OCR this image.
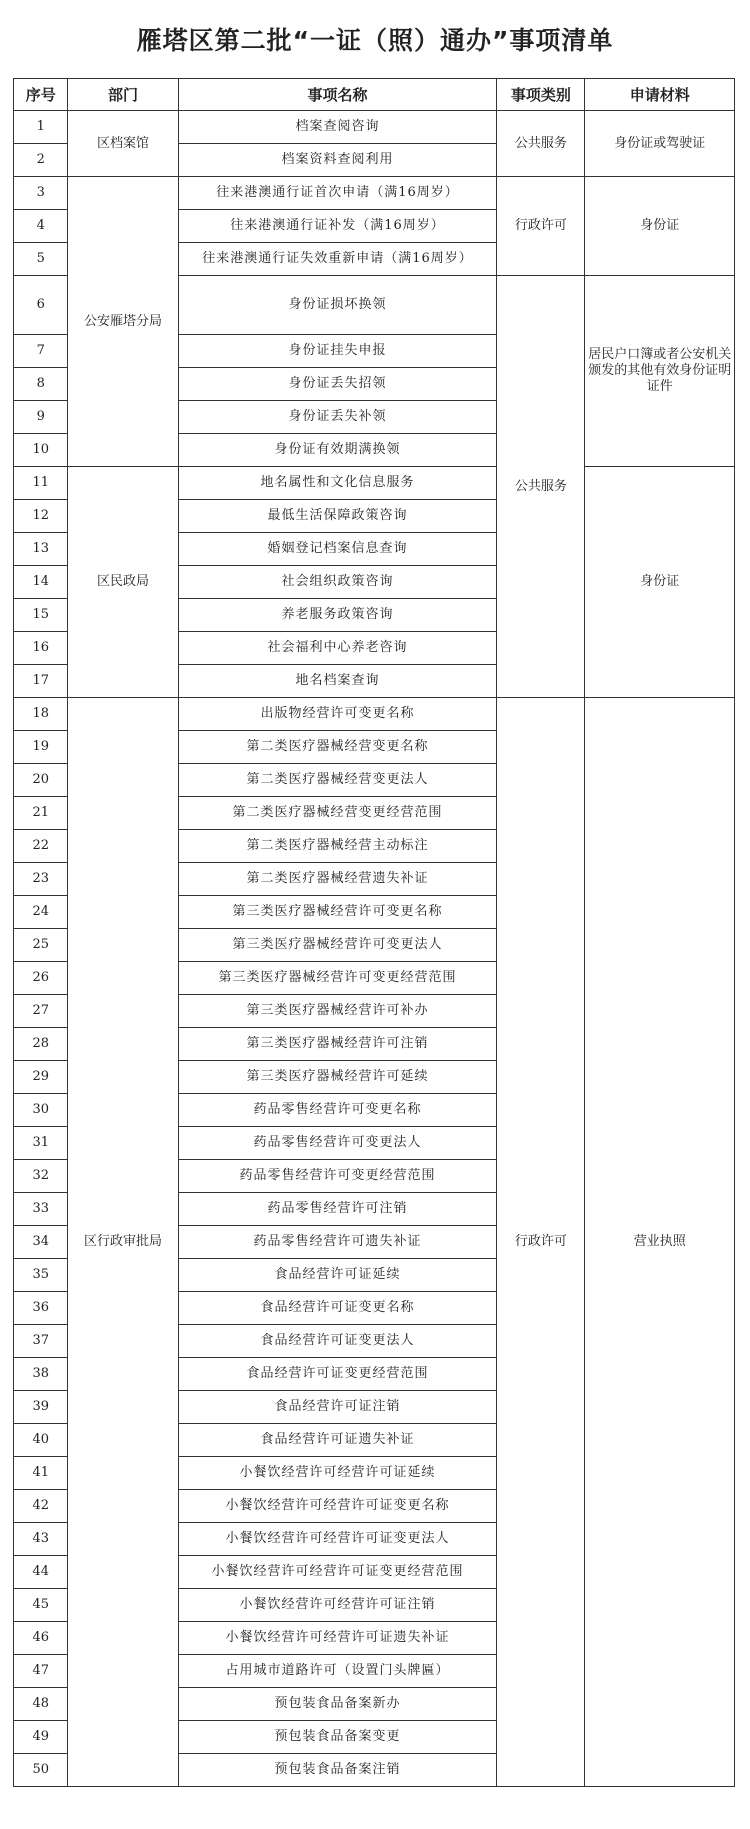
雁塔区第二批“一证（照）通办”事项清单
序号	部门	事项名称	事项类别	申请材料
1	区档案馆	档案查阅咨询	公共服务	身份证或驾驶证
2		档案资料查阅利用		
3	公安雁塔分局	往来港澳通行证首次申请（满16周岁）	行政许可	身份证
4		往来港澳通行证补发（满16周岁）		
5		往来港澳通行证失效重新申请（满16周岁）		
6		身份证损坏换领	公共服务	居民户口簿或者公安机关颁发的其他有效身份证明证件
7		身份证挂失申报		
8		身份证丢失招领		
9		身份证丢失补领		
10		身份证有效期满换领		
11	区民政局	地名属性和文化信息服务		身份证
12		最低生活保障政策咨询		
13		婚姻登记档案信息查询		
14		社会组织政策咨询		
15		养老服务政策咨询		
16		社会福利中心养老咨询		
17		地名档案查询		
18	区行政审批局	出版物经营许可变更名称	行政许可	营业执照
19		第二类医疗器械经营变更名称		
20		第二类医疗器械经营变更法人		
21		第二类医疗器械经营变更经营范围		
22		第二类医疗器械经营主动标注		
23		第二类医疗器械经营遗失补证		
24		第三类医疗器械经营许可变更名称		
25		第三类医疗器械经营许可变更法人		
26		第三类医疗器械经营许可变更经营范围		
27		第三类医疗器械经营许可补办		
28		第三类医疗器械经营许可注销		
29		第三类医疗器械经营许可延续		
30		药品零售经营许可变更名称		
31		药品零售经营许可变更法人		
32		药品零售经营许可变更经营范围		
33		药品零售经营许可注销		
34		药品零售经营许可遗失补证		
35		食品经营许可证延续		
36		食品经营许可证变更名称		
37		食品经营许可证变更法人		
38		食品经营许可证变更经营范围		
39		食品经营许可证注销		
40		食品经营许可证遗失补证		
41		小餐饮经营许可经营许可证延续		
42		小餐饮经营许可经营许可证变更名称		
43		小餐饮经营许可经营许可证变更法人		
44		小餐饮经营许可经营许可证变更经营范围		
45		小餐饮经营许可经营许可证注销		
46		小餐饮经营许可经营许可证遗失补证		
47		占用城市道路许可（设置门头牌匾）		
48		预包装食品备案新办		
49		预包装食品备案变更		
50		预包装食品备案注销		
